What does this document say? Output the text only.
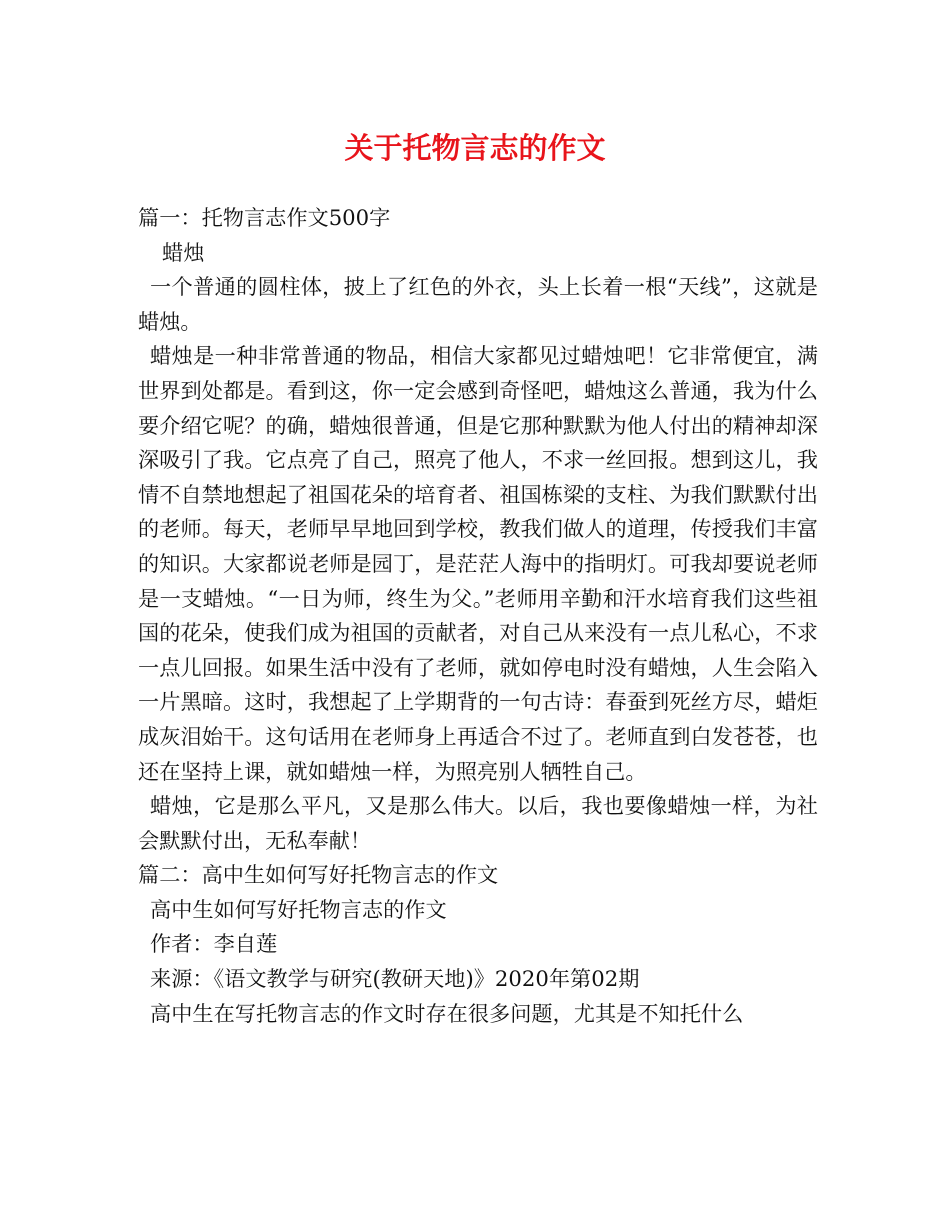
关于托物言志的作文
篇一：托物言志作文500字
蜡烛
一个普通的圆柱体，披上了红色的外衣，头上长着一根“天线”，这就是蜡烛。
蜡烛是一种非常普通的物品，相信大家都见过蜡烛吧！它非常便宜，满世界到处都是。看到这，你一定会感到奇怪吧，蜡烛这么普通，我为什么要介绍它呢？的确，蜡烛很普通，但是它那种默默为他人付出的精神却深深吸引了我。它点亮了自己，照亮了他人，不求一丝回报。想到这儿，我情不自禁地想起了祖国花朵的培育者、祖国栋梁的支柱、为我们默默付出的老师。每天，老师早早地回到学校，教我们做人的道理，传授我们丰富的知识。大家都说老师是园丁，是茫茫人海中的指明灯。可我却要说老师是一支蜡烛。“一日为师，终生为父。”老师用辛勤和汗水培育我们这些祖国的花朵，使我们成为祖国的贡献者，对自己从来没有一点儿私心，不求一点儿回报。如果生活中没有了老师，就如停电时没有蜡烛，人生会陷入一片黑暗。这时，我想起了上学期背的一句古诗：春蚕到死丝方尽，蜡炬成灰泪始干。这句话用在老师身上再适合不过了。老师直到白发苍苍，也还在坚持上课，就如蜡烛一样，为照亮别人牺牲自己。
蜡烛，它是那么平凡，又是那么伟大。以后，我也要像蜡烛一样，为社会默默付出，无私奉献！
篇二：高中生如何写好托物言志的作文
高中生如何写好托物言志的作文
作者：李自莲
来源：《语文教学与研究(教研天地)》2020年第02期
高中生在写托物言志的作文时存在很多问题，尤其是不知托什么
